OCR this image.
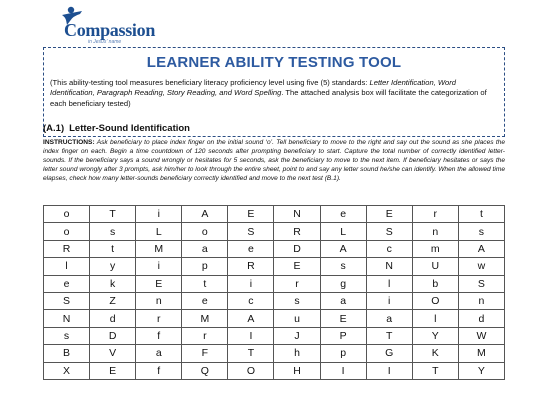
Compassion
in Jesus' name
LEARNER ABILITY TESTING TOOL
(This ability-testing tool measures beneficiary literacy proficiency level using five (5) standards: Letter Identification, Word Identification, Paragraph Reading, Story Reading, and Word Spelling. The attached analysis box will facilitate the categorization of each beneficiary tested)
(A.1) Letter-Sound Identification
INSTRUCTIONS: Ask beneficiary to place index finger on the initial sound ‘o’. Tell beneficiary to move to the right and say out the sound as she places the index finger on each. Begin a time countdown of 120 seconds after prompting beneficiary to start. Capture the total number of correctly identified letter-sounds. If the beneficiary says a sound wrongly or hesitates for 5 seconds, ask the beneficiary to move to the next item. If beneficiary hesitates or says the letter sound wrongly after 3 prompts, ask him/her to look through the entire sheet, point to and say any letter sound he/she can identify. When the allowed time elapses, check how many letter-sounds beneficiary correctly identified and move to the next test (B.1).
o	T	i	A	E	N	e	E	r	t
o	s	L	o	S	R	L	S	n	s
R	t	M	a	e	D	A	c	m	A
l	y	i	p	R	E	s	N	U	w
e	k	E	t	i	r	g	l	b	S
S	Z	n	e	c	s	a	i	O	n
N	d	r	M	A	u	E	a	l	d
s	D	f	r	I	J	P	T	Y	W
B	V	a	F	T	h	p	G	K	M
X	E	f	Q	O	H	I	I	T	Y
